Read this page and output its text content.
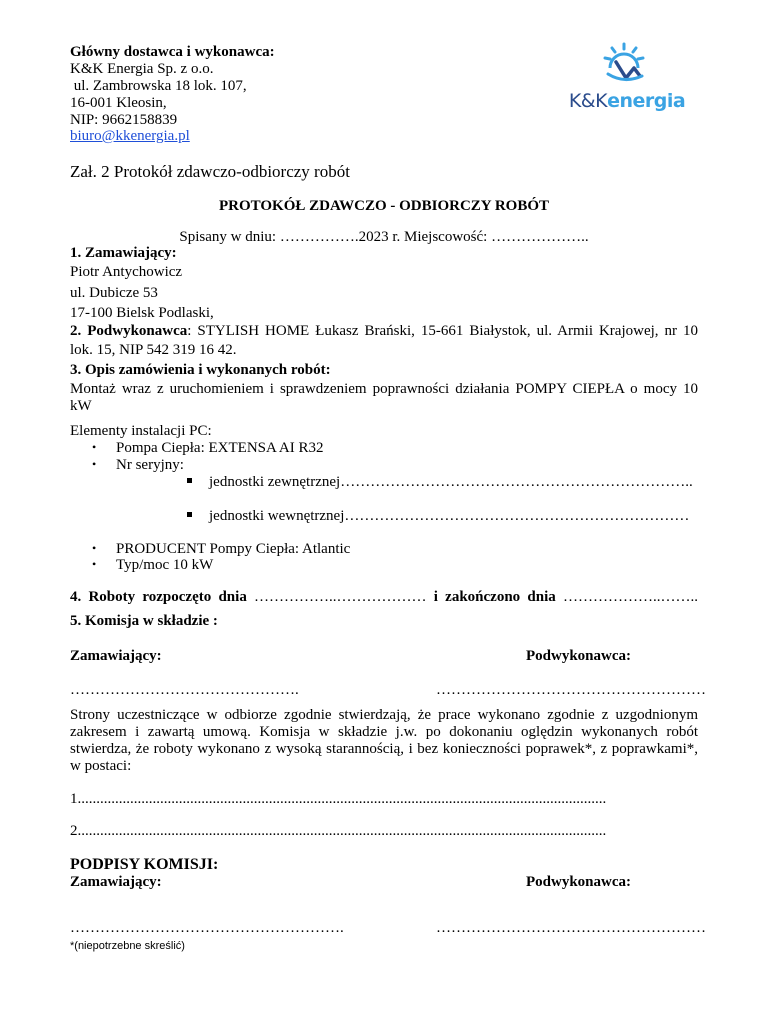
Główny dostawca i wykonawca:
K&K Energia Sp. z o.o.
ul. Zambrowska 18 lok. 107,
16-001 Kleosin,
NIP: 9662158839
biuro@kkenergia.pl
K&Kenergia
Zał. 2 Protokół zdawczo-odbiorczy robót
PROTOKÓŁ ZDAWCZO - ODBIORCZY ROBÓT
Spisany w dniu: …………….2023 r. Miejscowość: ………………..
1. Zamawiający:
Piotr Antychowicz
ul. Dubicze 53
17-100 Bielsk Podlaski,
2. Podwykonawca: STYLISH HOME Łukasz Brański, 15-661 Białystok, ul. Armii Krajowej, nr 10
lok. 15, NIP 542 319 16 42.
3. Opis zamówienia i wykonanych robót:
Montaż wraz z uruchomieniem i sprawdzeniem poprawności działania POMPY CIEPŁA o mocy 10
kW
Elementy instalacji PC:
• Pompa Ciepła: EXTENSA AI R32
• Nr seryjny:
jednostki zewnętrznej……………………………………………………………..
jednostki wewnętrznej……………………………………………………………
• PRODUCENT Pompy Ciepła: Atlantic
• Typ/moc 10 kW
4. Roboty rozpoczęto dnia ……………..……………… i zakończono dnia ………………..……..
5. Komisja w składzie :
Zamawiający:	Podwykonawca:
……………………………………….	………………………………………………
Strony uczestniczące w odbiorze zgodnie stwierdzają, że prace wykonano zgodnie z uzgodnionym zakresem i zawartą umową. Komisja w składzie j.w. po dokonaniu oględzin wykonanych robót stwierdza, że roboty wykonano z wysoką starannością, i bez konieczności poprawek*, z poprawkami*, w postaci:
1.............................................................................................................................................
2.............................................................................................................................................
PODPISY KOMISJI:
Zamawiający:	Podwykonawca:
……………………………………………….	………………………………………………
*(niepotrzebne skreślić)
